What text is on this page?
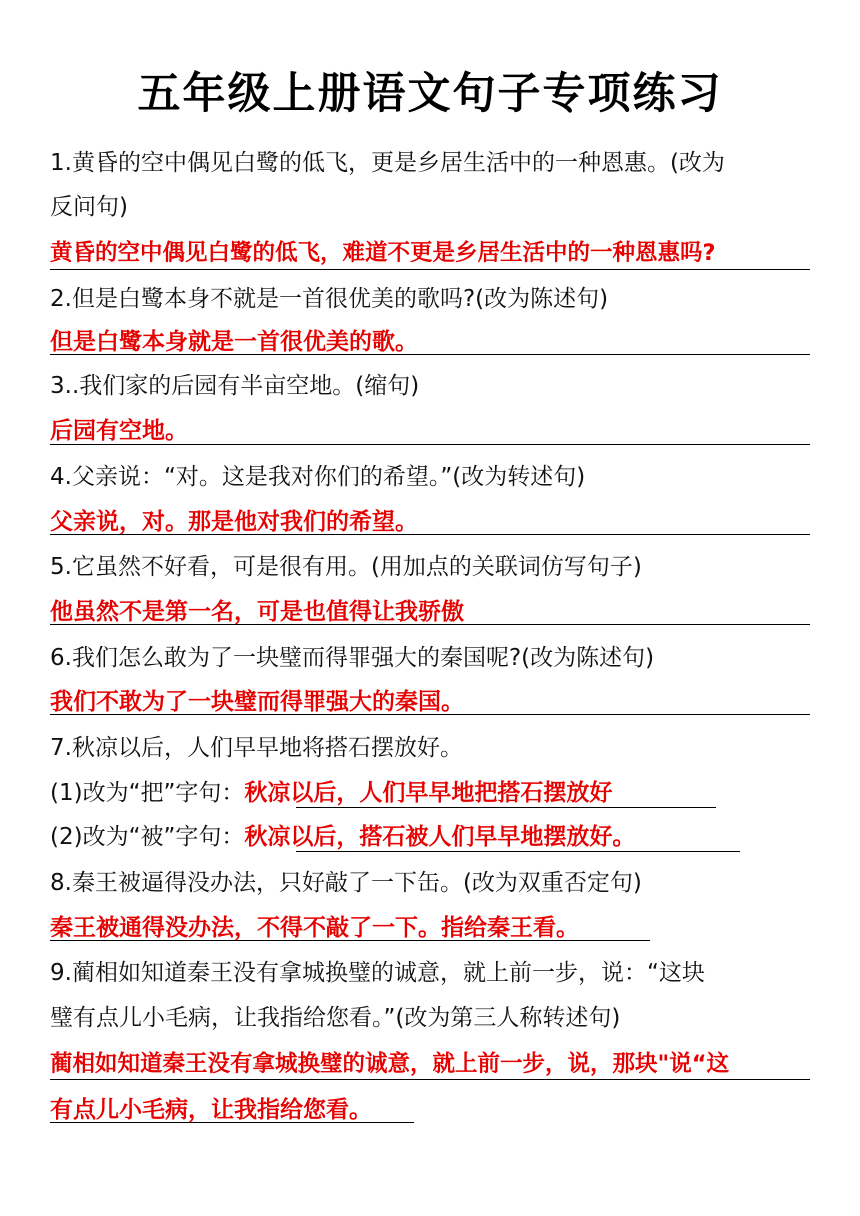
五年级上册语文句子专项练习
1.黄昏的空中偶见白鹭的低飞，更是乡居生活中的一种恩惠。(改为
反问句)
黄昏的空中偶见白鹭的低飞，难道不更是乡居生活中的一种恩惠吗?
2.但是白鹭本身不就是一首很优美的歌吗?(改为陈述句)
但是白鹭本身就是一首很优美的歌。
3..我们家的后园有半亩空地。(缩句)
后园有空地。
4.父亲说：“对。这是我对你们的希望。”(改为转述句)
父亲说，对。那是他对我们的希望。
5.它虽然不好看，可是很有用。(用加点的关联词仿写句子)
他虽然不是第一名，可是也值得让我骄傲
6.我们怎么敢为了一块璧而得罪强大的秦国呢?(改为陈述句)
我们不敢为了一块璧而得罪强大的秦国。
7.秋凉以后，人们早早地将搭石摆放好。
(1)改为“把”字句：秋凉以后，人们早早地把搭石摆放好
(2)改为“被”字句：秋凉以后，搭石被人们早早地摆放好。
8.秦王被逼得没办法，只好敲了一下缶。(改为双重否定句)
秦王被通得没办法，不得不敲了一下。指给秦王看。
9.蔺相如知道秦王没有拿城换璧的诚意，就上前一步，说：“这块
璧有点儿小毛病，让我指给您看。”(改为第三人称转述句)
蔺相如知道秦王没有拿城换璧的诚意，就上前一步，说，那块"说“这
有点儿小毛病，让我指给您看。
